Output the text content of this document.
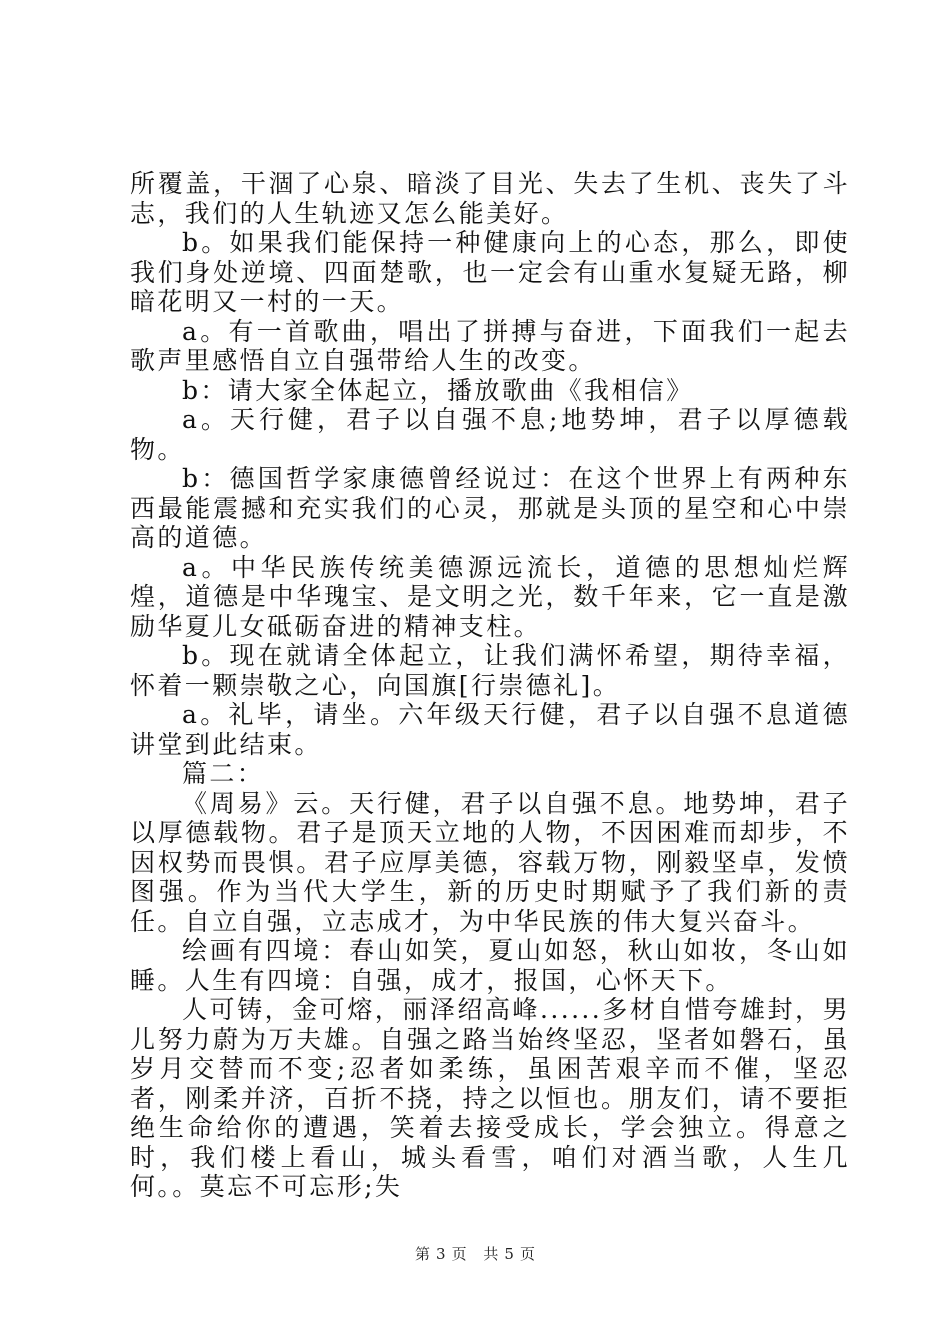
所覆盖，干涸了心泉、暗淡了目光、失去了生机、丧失了斗志，我们的人生轨迹又怎么能美好。

b。如果我们能保持一种健康向上的心态，那么，即使我们身处逆境、四面楚歌，也一定会有山重水复疑无路，柳暗花明又一村的一天。

a。有一首歌曲，唱出了拼搏与奋进，下面我们一起去歌声里感悟自立自强带给人生的改变。

b：请大家全体起立，播放歌曲《我相信》

a。天行健，君子以自强不息;地势坤，君子以厚德载物。

b：德国哲学家康德曾经说过：在这个世界上有两种东西最能震撼和充实我们的心灵，那就是头顶的星空和心中崇高的道德。

a。中华民族传统美德源远流长，道德的思想灿烂辉煌，道德是中华瑰宝、是文明之光，数千年来，它一直是激励华夏儿女砥砺奋进的精神支柱。

b。现在就请全体起立，让我们满怀希望，期待幸福，怀着一颗崇敬之心，向国旗[行崇德礼]。

a。礼毕，请坐。六年级天行健，君子以自强不息道德讲堂到此结束。

篇二：

《周易》云。天行健，君子以自强不息。地势坤，君子以厚德载物。君子是顶天立地的人物，不因困难而却步，不因权势而畏惧。君子应厚美德，容载万物，刚毅坚卓，发愤图强。作为当代大学生，新的历史时期赋予了我们新的责任。自立自强，立志成才，为中华民族的伟大复兴奋斗。

绘画有四境：春山如笑，夏山如怒，秋山如妆，冬山如睡。人生有四境：自强，成才，报国，心怀天下。

人可铸，金可熔，丽泽绍高峰......多材自惜夸雄封，男儿努力蔚为万夫雄。自强之路当始终坚忍，坚者如磐石，虽岁月交替而不变;忍者如柔练，虽困苦艰辛而不催，坚忍者，刚柔并济，百折不挠，持之以恒也。朋友们，请不要拒绝生命给你的遭遇，笑着去接受成长，学会独立。得意之时，我们楼上看山，城头看雪，咱们对酒当歌，人生几何。。莫忘不可忘形;失

第 3 页 共 5 页
